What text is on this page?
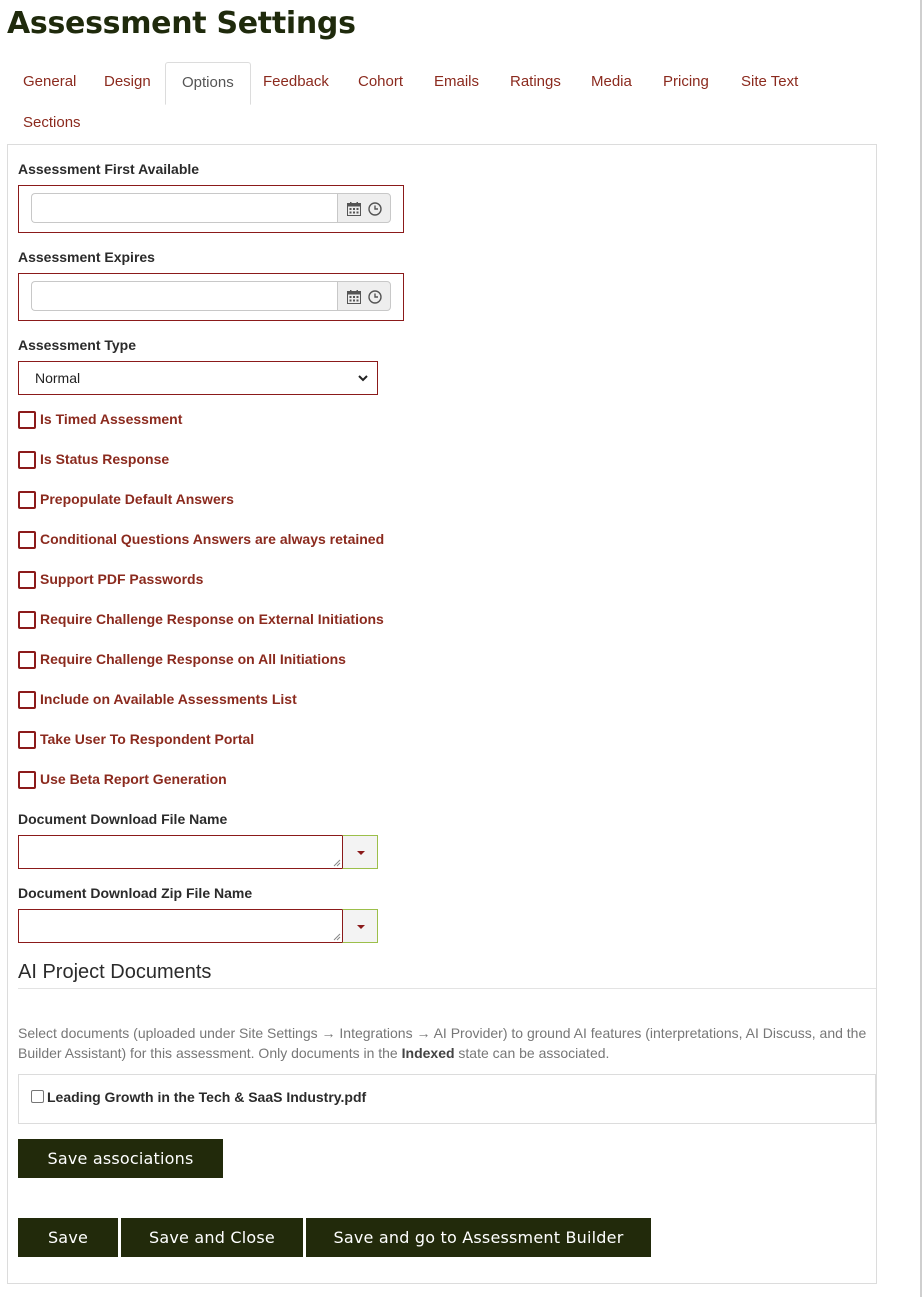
Assessment Settings
General	Design	Options	Feedback	Cohort	Emails	Ratings	Media	Pricing	Site Text
Sections
Assessment First Available
Assessment Expires
Assessment Type
Normal
Is Timed Assessment
Is Status Response
Prepopulate Default Answers
Conditional Questions Answers are always retained
Support PDF Passwords
Require Challenge Response on External Initiations
Require Challenge Response on All Initiations
Include on Available Assessments List
Take User To Respondent Portal
Use Beta Report Generation
Document Download File Name
Document Download Zip File Name
AI Project Documents
Select documents (uploaded under Site Settings → Integrations → AI Provider) to ground AI features (interpretations, AI Discuss, and the Builder Assistant) for this assessment. Only documents in the Indexed state can be associated.
Leading Growth in the Tech & SaaS Industry.pdf
Save associations
Save	Save and Close	Save and go to Assessment Builder
